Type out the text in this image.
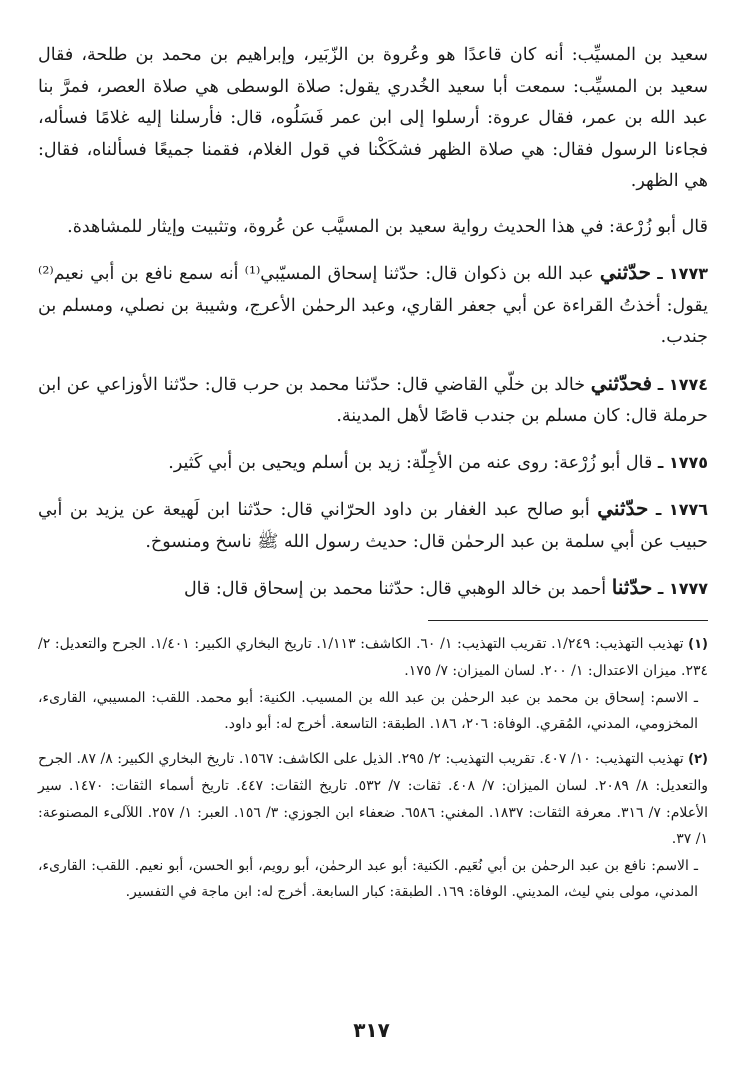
سعيد بن المسيِّب: أنه كان قاعدًا هو وعُروة بن الزّبَير، وإبراهيم بن محمد بن طلحة، فقال سعيد بن المسيِّب: سمعت أبا سعيد الخُدري يقول: صلاة الوسطى هي صلاة العصر، فمرَّ بنا عبد الله بن عمر، فقال عروة: أرسلوا إلى ابن عمر فَسَلُوه، قال: فأرسلنا إليه غلامًا فسأله، فجاءنا الرسول فقال: هي صلاة الظهر فشكَكْنا في قول الغلام، فقمنا جميعًا فسألناه، فقال: هي الظهر.

قال أبو زُرْعة: في هذا الحديث رواية سعيد بن المسيَّب عن عُروة، وتثبيت وإيثار للمشاهدة.

١٧٧٣ ـ حدّثني عبد الله بن ذكوان قال: حدّثنا إسحاق المسيّبي⁽¹⁾ أنه سمع نافع بن أبي نعيم⁽²⁾ يقول: أخذتُ القراءة عن أبي جعفر القاري، وعبد الرحمٰن الأعرج، وشيبة بن نصلي، ومسلم بن جندب.

١٧٧٤ ـ فحدّثني خالد بن خلّي القاضي قال: حدّثنا محمد بن حرب قال: حدّثنا الأوزاعي عن ابن حرملة قال: كان مسلم بن جندب قاصًا لأهل المدينة.

١٧٧٥ ـ قال أبو زُرْعة: روى عنه من الأجِلّة: زيد بن أسلم ويحيى بن أبي كَثير.

١٧٧٦ ـ حدّثني أبو صالح عبد الغفار بن داود الحرّاني قال: حدّثنا ابن لَهيعة عن يزيد بن أبي حبيب عن أبي سلمة بن عبد الرحمٰن قال: حديث رسول الله ﷺ ناسخ ومنسوخ.

١٧٧٧ ـ حدّثنا أحمد بن خالد الوهبي قال: حدّثنا محمد بن إسحاق قال: قال

(١) تهذيب التهذيب: ١/٢٤٩. تقريب التهذيب: ١/ ٦٠. الكاشف: ١/١١٣. تاريخ البخاري الكبير: ١/٤٠١. الجرح والتعديل: ٢/ ٢٣٤. ميزان الاعتدال: ١/ ٢٠٠. لسان الميزان: ٧/ ١٧٥.

ـ الاسم: إسحاق بن محمد بن عبد الرحمٰن بن عبد الله بن المسيب. الكنية: أبو محمد. اللقب: المسيبي، القارىء، المخزومي، المدني، المُقري. الوفاة: ٢٠٦، ١٨٦. الطبقة: التاسعة. أخرج له: أبو داود.

(٢) تهذيب التهذيب: ١٠/ ٤٠٧. تقريب التهذيب: ٢/ ٢٩٥. الذيل على الكاشف: ١٥٦٧. تاريخ البخاري الكبير: ٨/ ٨٧. الجرح والتعديل: ٨/ ٢٠٨٩. لسان الميزان: ٧/ ٤٠٨. ثقات: ٧/ ٥٣٢. تاريخ الثقات: ٤٤٧. تاريخ أسماء الثقات: ١٤٧٠. سير الأعلام: ٧/ ٣١٦. معرفة الثقات: ١٨٣٧. المغني: ٦٥٨٦. ضعفاء ابن الجوزي: ٣/ ١٥٦. العبر: ١/ ٢٥٧. اللآلىء المصنوعة: ١/ ٣٧.

ـ الاسم: نافع بن عبد الرحمٰن بن أبي نُعَيم. الكنية: أبو عبد الرحمٰن، أبو رويم، أبو الحسن، أبو نعيم. اللقب: القارىء، المدني، مولى بني ليث، المديني. الوفاة: ١٦٩. الطبقة: كبار السابعة. أخرج له: ابن ماجة في التفسير.

٣١٧
